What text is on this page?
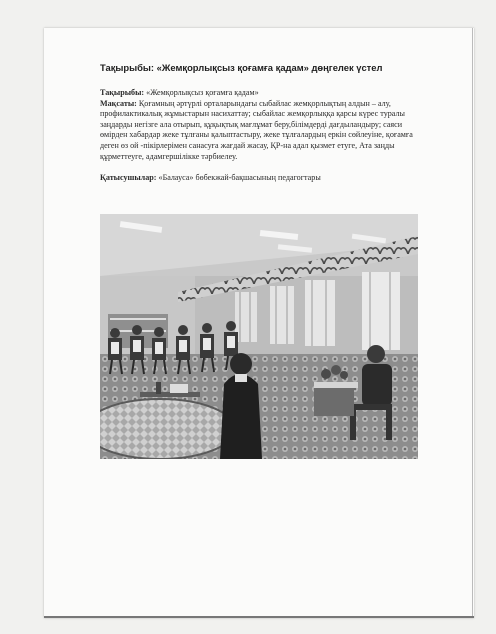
Тақырыбы: «Жемқорлықсыз қоғамға қадам» дөңгелек үстел

Тақырыбы: «Жемқорлықсыз қоғамға қадам»

Мақсаты: Қоғамның әртүрлі орталарындағы сыбайлас жемқорлықтың алдын – алу, профилактикалық жұмыстарын насихаттау; сыбайлас жемқорлыққа қарсы күрес туралы заңдарды негізге ала отырып, құқықтық мағлұмат беру,білімдерді дағдыландыру; саяси өмірден хабардар жеке тұлғаны қалыптастыру, жеке тұлғалардың еркін сөйлеуіне, қоғамға деген өз ой -пікірлерімен санасуға жағдай жасау, ҚР-на адал қызмет етуге, Ата заңды құрметтеуге, адамгершілікке тәрбиелеу.

Қатысушылар: «Балауса» бөбекжай-бақшасының педагогтары
